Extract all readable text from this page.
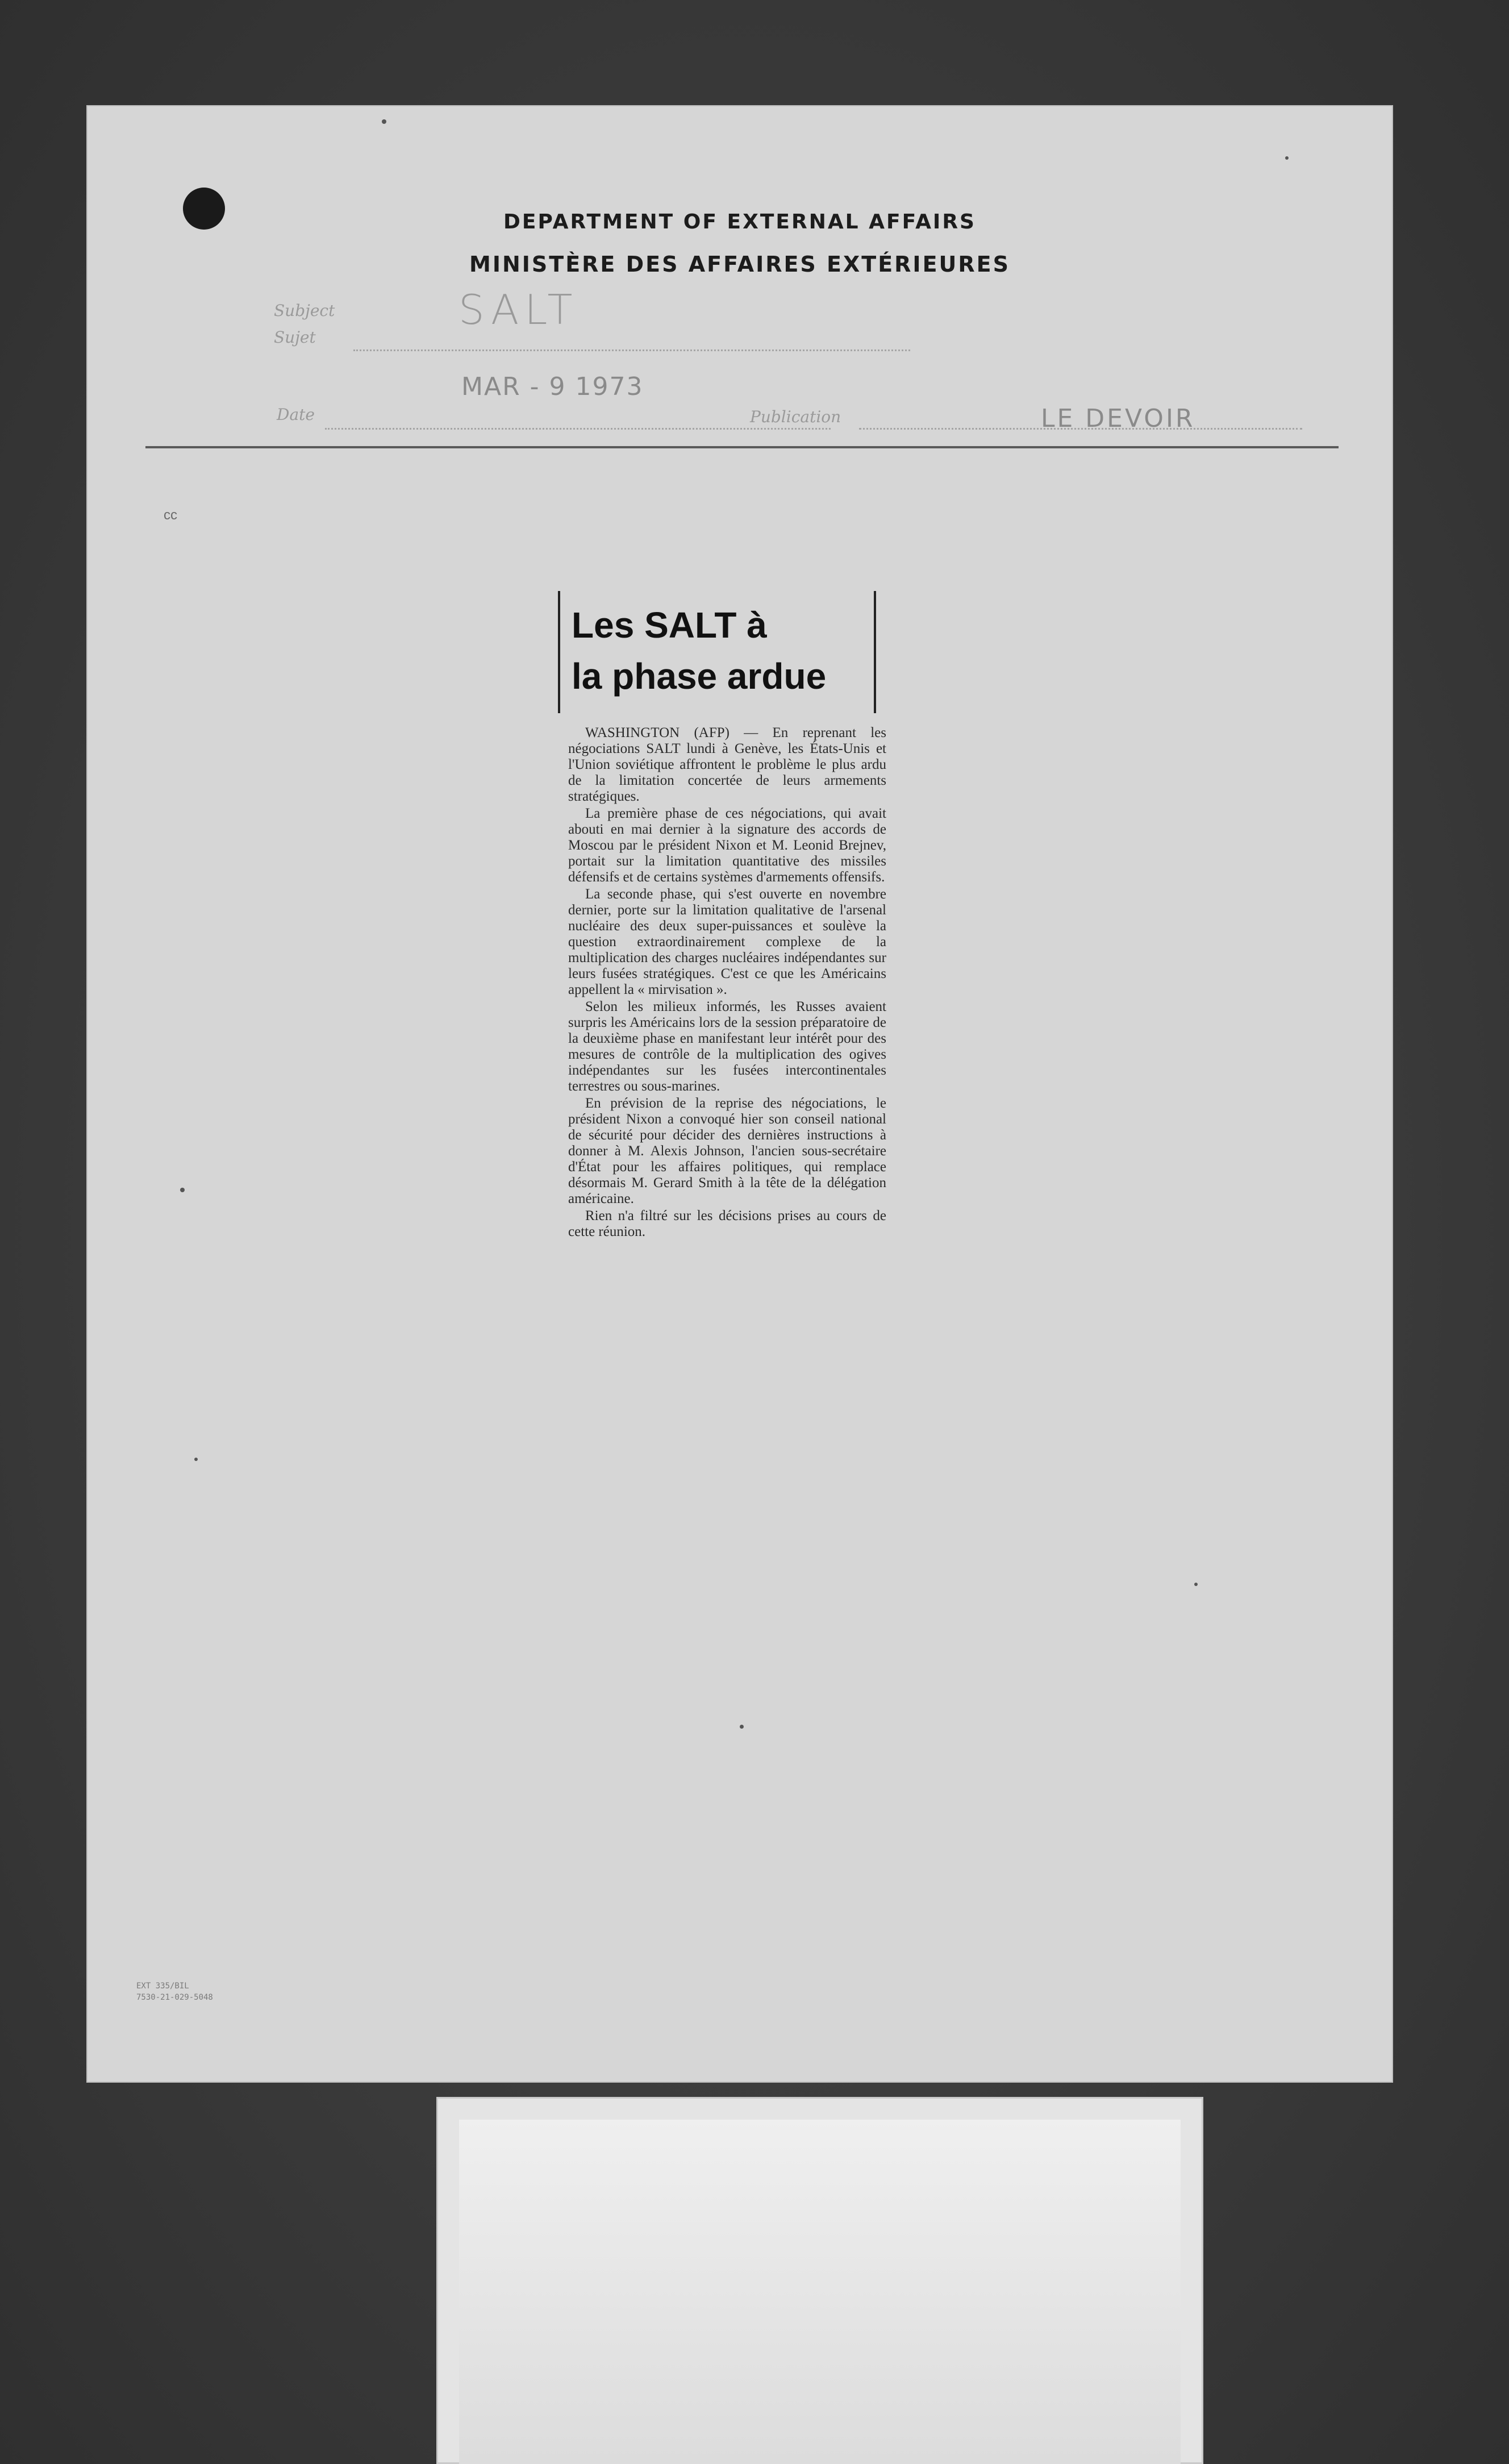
DEPARTMENT OF EXTERNAL AFFAIRS
MINISTÈRE DES AFFAIRES EXTÉRIEURES
Subject
Sujet
SALT
MAR - 9 1973
Date	Publication	LE DEVOIR
cc
Les SALT à
la phase ardue

WASHINGTON (AFP) — En reprenant les négociations SALT lundi à Genève, les États-Unis et l'Union soviétique affrontent le problème le plus ardu de la limitation concertée de leurs armements stratégiques.

La première phase de ces négociations, qui avait abouti en mai dernier à la signature des accords de Moscou par le président Nixon et M. Leonid Brejnev, portait sur la limitation quantitative des missiles défensifs et de certains systèmes d'armements offensifs.

La seconde phase, qui s'est ouverte en novembre dernier, porte sur la limitation qualitative de l'arsenal nucléaire des deux super-puissances et soulève la question extraordinairement complexe de la multiplication des charges nucléaires indépendantes sur leurs fusées stratégiques. C'est ce que les Américains appellent la « mirvisation ».

Selon les milieux informés, les Russes avaient surpris les Américains lors de la session préparatoire de la deuxième phase en manifestant leur intérêt pour des mesures de contrôle de la multiplication des ogives indépendantes sur les fusées intercontinentales terrestres ou sous-marines.

En prévision de la reprise des négociations, le président Nixon a convoqué hier son conseil national de sécurité pour décider des dernières instructions à donner à M. Alexis Johnson, l'ancien sous-secrétaire d'État pour les affaires politiques, qui remplace désormais M. Gerard Smith à la tête de la délégation américaine.

Rien n'a filtré sur les décisions prises au cours de cette réunion.

EXT 335/BIL
7530-21-029-5048
